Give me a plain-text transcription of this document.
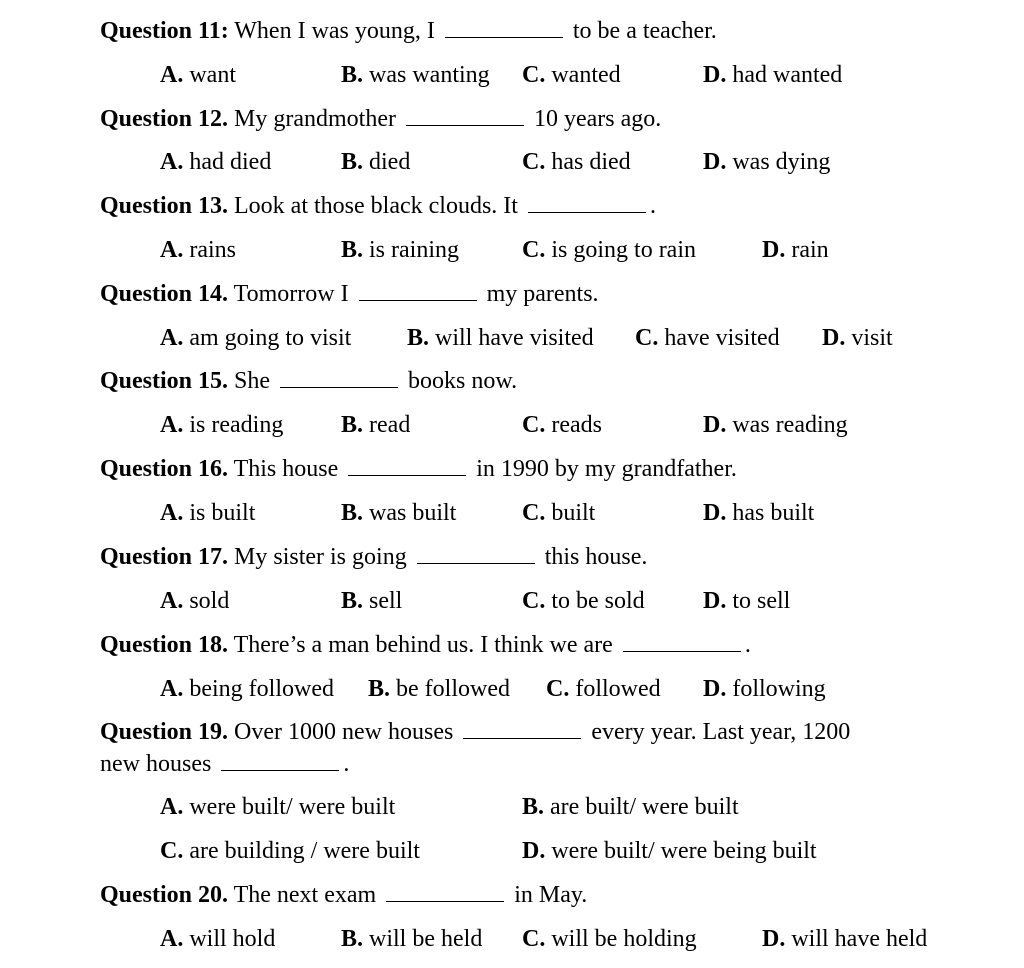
Question 11: When I was young, I	to be a teacher.
A. want	B. was wanting C. wanted	D. had wanted
Question 12. My grandmother	10 years ago.
A. had died	B. died	C. has died	D. was dying
Question 13. Look at those black clouds. It	.
A. rains	B. is raining	C. is going to rain	D. rain
Question 14. Tomorrow I	my parents.
A. am going to visit B. will have visited C. have visited D. visit
Question 15. She	books now.
A. is reading B. read	C. reads	D. was reading
Question 16. This house	in 1990 by my grandfather.
A. is built	B. was built	C. built	D. has built
Question 17. My sister is going	this house.
A. sold	B. sell	C. to be sold D. to sell
Question 18. There’s a man behind us. I think we are	.
A. being followed B. be followed C. followed D. following
Question 19. Over 1000 new houses	every year. Last year, 1200
new houses	.
A. were built/ were built	B. are built/ were built
C. are building / were built	D. were built/ were being built
Question 20. The next exam	in May.
A. will hold	B. will be held C. will be holding	D. will have held
